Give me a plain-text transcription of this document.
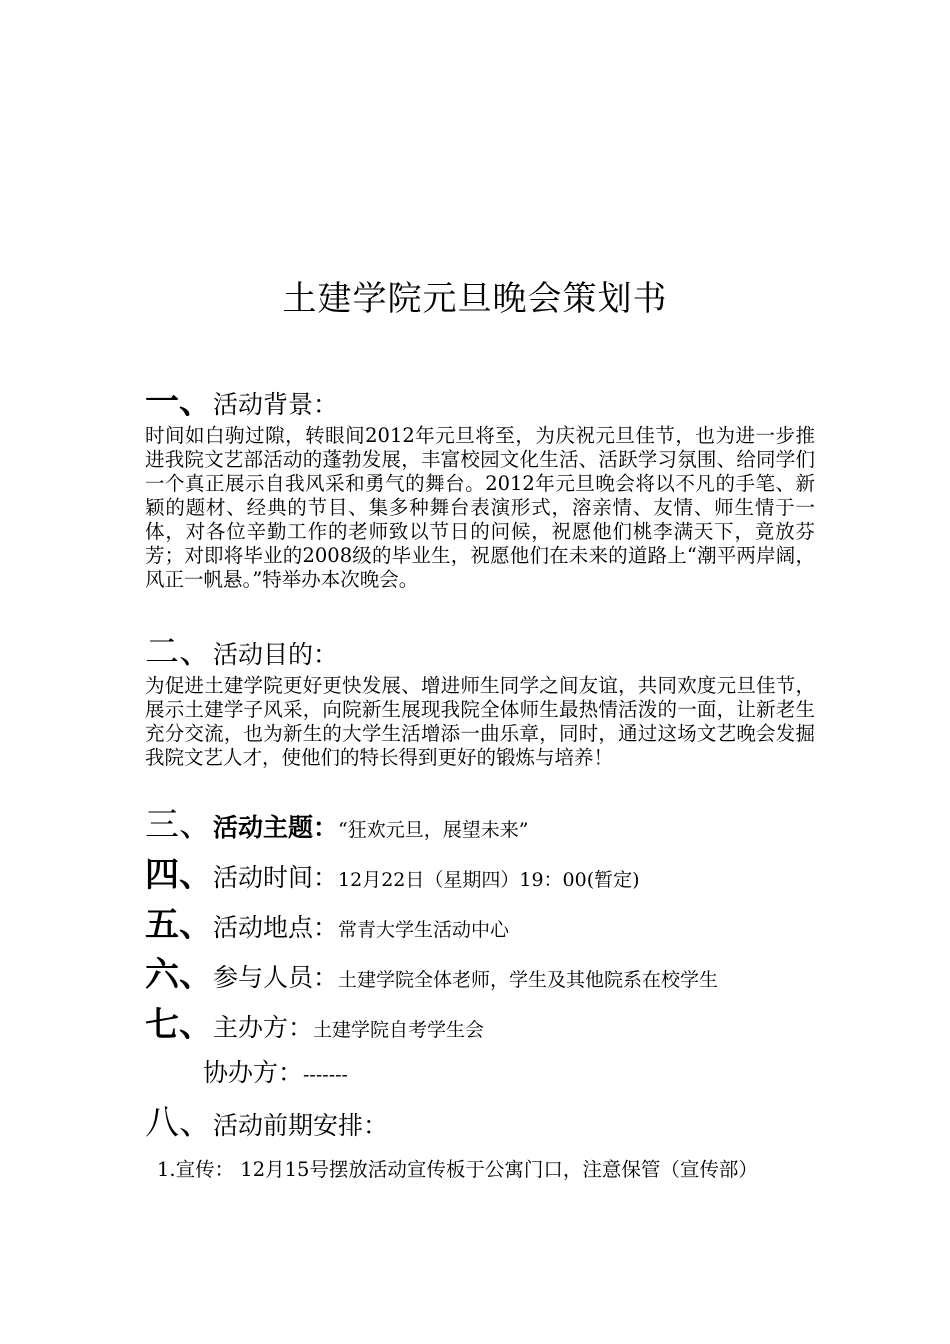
土建学院元旦晚会策划书
一、活动背景：
时间如白驹过隙，转眼间2012年元旦将至，为庆祝元旦佳节，也为进一步推进我院文艺部活动的蓬勃发展，丰富校园文化生活、活跃学习氛围、给同学们一个真正展示自我风采和勇气的舞台。2012年元旦晚会将以不凡的手笔、新颖的题材、经典的节目、集多种舞台表演形式，溶亲情、友情、师生情于一体，对各位辛勤工作的老师致以节日的问候，祝愿他们桃李满天下，竟放芬芳；对即将毕业的2008级的毕业生，祝愿他们在未来的道路上“潮平两岸阔，风正一帆悬。”特举办本次晚会。
二、活动目的：
为促进土建学院更好更快发展、增进师生同学之间友谊，共同欢度元旦佳节，展示土建学子风采，向院新生展现我院全体师生最热情活泼的一面，让新老生充分交流，也为新生的大学生活增添一曲乐章，同时，通过这场文艺晚会发掘我院文艺人才，使他们的特长得到更好的锻炼与培养！
三、活动主题：“狂欢元旦，展望未来”
四、活动时间：12月22日（星期四）19：00(暂定)
五、活动地点：常青大学生活动中心
六、参与人员：土建学院全体老师，学生及其他院系在校学生
七、主办方：土建学院自考学生会
协办方：-------
八、活动前期安排：
1.宣传： 12月15号摆放活动宣传板于公寓门口，注意保管（宣传部）
